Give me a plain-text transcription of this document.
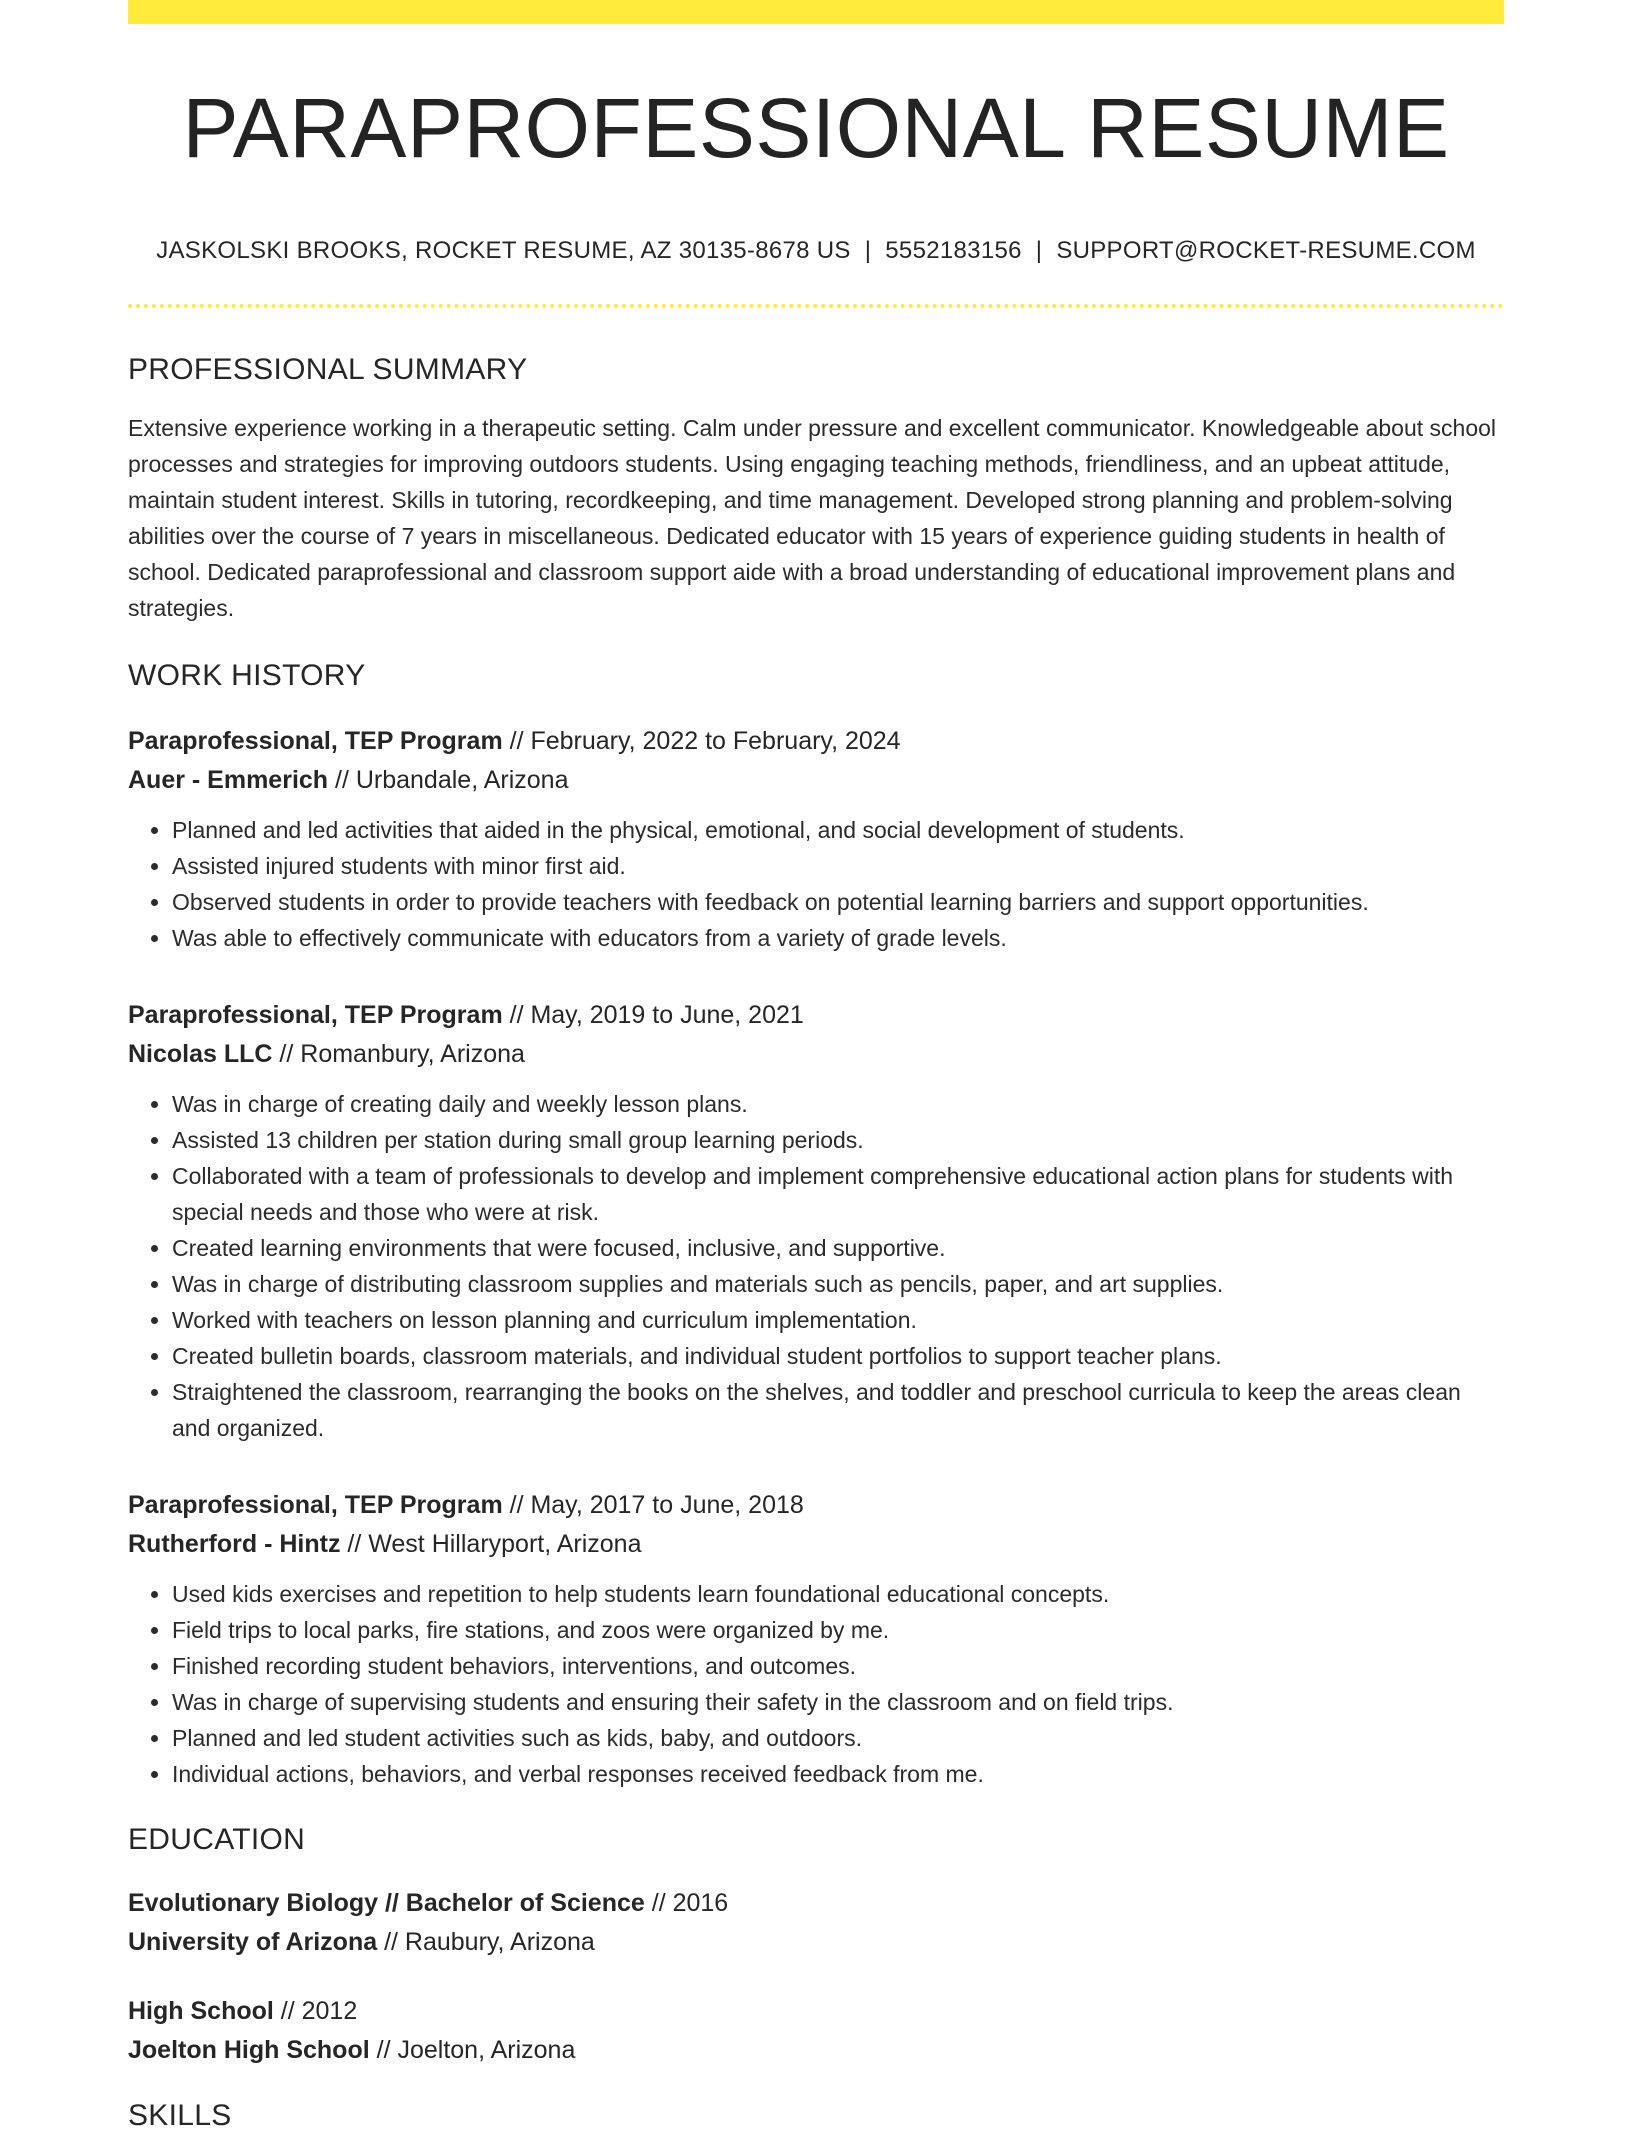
PARAPROFESSIONAL RESUME
JASKOLSKI BROOKS, ROCKET RESUME, AZ 30135-8678 US | 5552183156 | SUPPORT@ROCKET-RESUME.COM
PROFESSIONAL SUMMARY
Extensive experience working in a therapeutic setting. Calm under pressure and excellent communicator. Knowledgeable about school processes and strategies for improving outdoors students. Using engaging teaching methods, friendliness, and an upbeat attitude, maintain student interest. Skills in tutoring, recordkeeping, and time management. Developed strong planning and problem-solving abilities over the course of 7 years in miscellaneous. Dedicated educator with 15 years of experience guiding students in health of school. Dedicated paraprofessional and classroom support aide with a broad understanding of educational improvement plans and strategies.
WORK HISTORY
Paraprofessional, TEP Program // February, 2022 to February, 2024
Auer - Emmerich // Urbandale, Arizona
• Planned and led activities that aided in the physical, emotional, and social development of students.
• Assisted injured students with minor first aid.
• Observed students in order to provide teachers with feedback on potential learning barriers and support opportunities.
• Was able to effectively communicate with educators from a variety of grade levels.
Paraprofessional, TEP Program // May, 2019 to June, 2021
Nicolas LLC // Romanbury, Arizona
• Was in charge of creating daily and weekly lesson plans.
• Assisted 13 children per station during small group learning periods.
• Collaborated with a team of professionals to develop and implement comprehensive educational action plans for students with special needs and those who were at risk.
• Created learning environments that were focused, inclusive, and supportive.
• Was in charge of distributing classroom supplies and materials such as pencils, paper, and art supplies.
• Worked with teachers on lesson planning and curriculum implementation.
• Created bulletin boards, classroom materials, and individual student portfolios to support teacher plans.
• Straightened the classroom, rearranging the books on the shelves, and toddler and preschool curricula to keep the areas clean and organized.
Paraprofessional, TEP Program // May, 2017 to June, 2018
Rutherford - Hintz // West Hillaryport, Arizona
• Used kids exercises and repetition to help students learn foundational educational concepts.
• Field trips to local parks, fire stations, and zoos were organized by me.
• Finished recording student behaviors, interventions, and outcomes.
• Was in charge of supervising students and ensuring their safety in the classroom and on field trips.
• Planned and led student activities such as kids, baby, and outdoors.
• Individual actions, behaviors, and verbal responses received feedback from me.
EDUCATION
Evolutionary Biology // Bachelor of Science // 2016
University of Arizona // Raubury, Arizona
High School // 2012
Joelton High School // Joelton, Arizona
SKILLS
